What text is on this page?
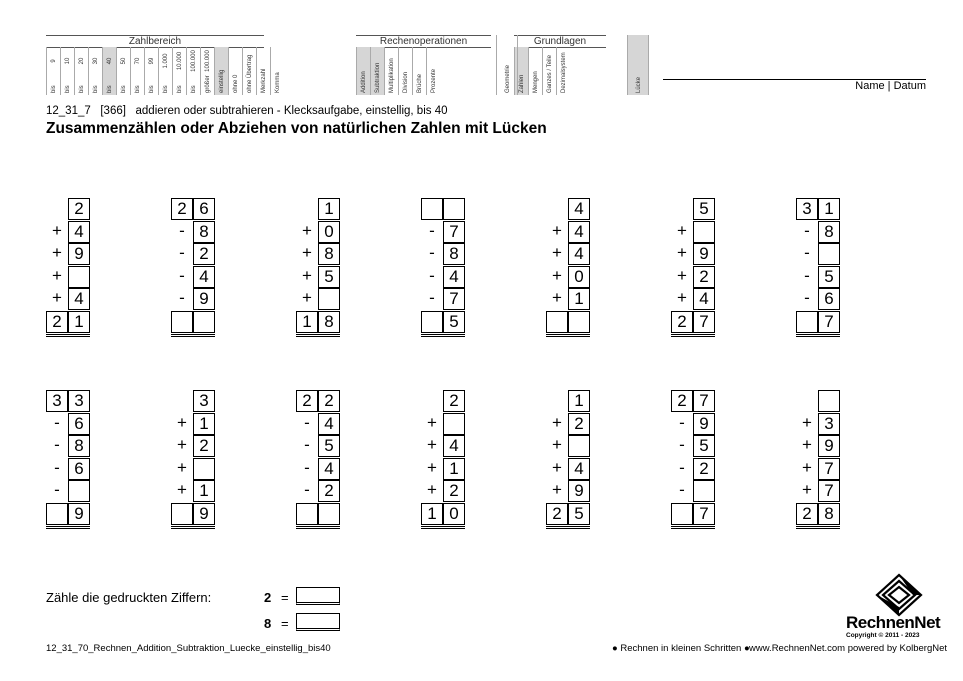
Zahlbereich
9
bis
10
bis
20
bis
30
bis
40
bis
50
bis
70
bis
99
bis
1.000
bis
10.000
bis
100.000
bis
100.000
größer einstellig ohne 0 ohne Übertrag Merkzahl Komma
Rechenoperationen
Addition Subtraktion Multiplikation Division Brüche Prozente
Grundlagen
Zahlen Mengen Ganzes / Teile Dezimalsystem
Geometrie	Lücke	Name | Datum
12_31_7   [366]   addieren oder subtrahieren - Klecksaufgabe, einstellig, bis 40
Zusammenzählen oder Abziehen von natürlichen Zahlen mit Lücken
2
+ 4
+ 9
+
+ 4
2 1
2 6
- 8
- 2
- 4
- 9
1
+ 0
+ 8
+ 5
+
1 8
- 7
- 8
- 4
- 7
5
4
+ 4
+ 4
+ 0
+ 1
5
+
+ 9
+ 2
+ 4
2 7
3 1
- 8
-
- 5
- 6
7
3 3
- 6
- 8
- 6
-
9
3
+ 1
+ 2
+
+ 1
9
2 2
- 4
- 5
- 4
- 2
2
+
+ 4
+ 1
+ 2
1 0
1
+ 2
+
+ 4
+ 9
2 5
2 7
- 9
- 5
- 2
-
7
+ 3
+ 9
+ 7
+ 7
2 8
Zähle die gedruckten Ziffern:	2 =
8 =	RechnenNet
Copyright © 2011 - 2023
12_31_70_Rechnen_Addition_Subtraktion_Luecke_einstellig_bis40	● Rechnen in kleinen Schritten ● www.RechnenNet.com powered by KolbergNet
